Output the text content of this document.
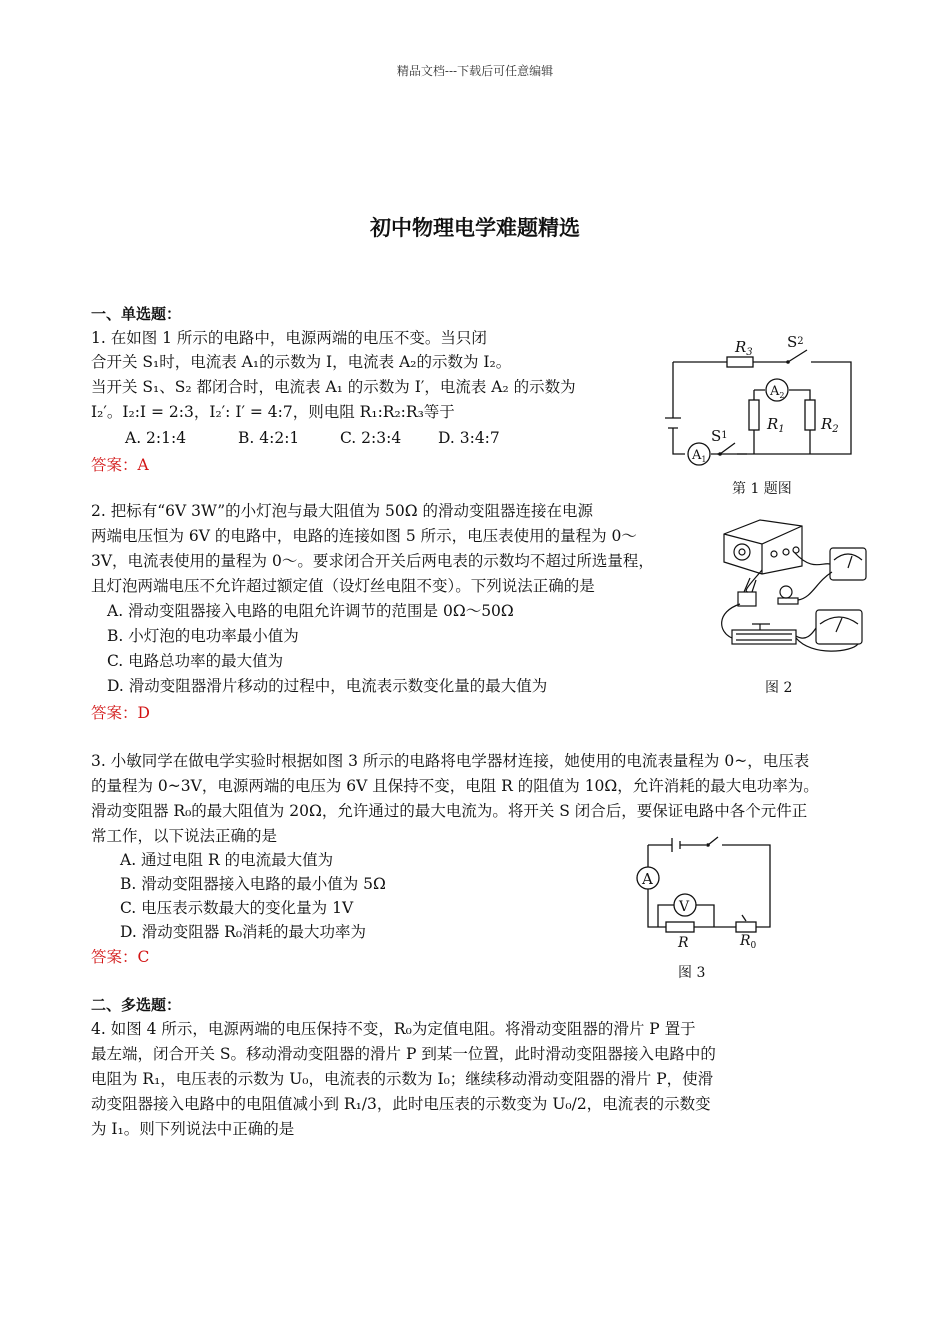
精品文档---下载后可任意编辑
初中物理电学难题精选
一、单选题：
1. 在如图 1 所示的电路中，电源两端的电压不变。当只闭
合开关 S₁时，电流表 A₁的示数为 I，电流表 A₂的示数为 I₂。
当开关 S₁、S₂ 都闭合时，电流表 A₁ 的示数为 I′，电流表 A₂ 的示数为
I₂′。I₂:I = 2:3，I₂′: I′ = 4:7，则电阻 R₁:R₂:R₃等于
A. 2:1:4	B. 4:2:1	C. 2:3:4 D. 3:4:7
答案：A
$R_3$
$S^2$
$A_2$
$R_1$ $R_2$
$S^1$
$A_1$
第 1 题图
2. 把标有“6V 3W”的小灯泡与最大阻值为 50Ω 的滑动变阻器连接在电源
两端电压恒为 6V 的电路中，电路的连接如图 5 所示，电压表使用的量程为 0～
3V，电流表使用的量程为 0～。要求闭合开关后两电表的示数均不超过所选量程，
且灯泡两端电压不允许超过额定值（设灯丝电阻不变）。下列说法正确的是
A. 滑动变阻器接入电路的电阻允许调节的范围是 0Ω～50Ω
B. 小灯泡的电功率最小值为
C. 电路总功率的最大值为
D. 滑动变阻器滑片移动的过程中，电流表示数变化量的最大值为
答案：D
图 2
3. 小敏同学在做电学实验时根据如图 3 所示的电路将电学器材连接，她使用的电流表量程为 0~，电压表
的量程为 0~3V，电源两端的电压为 6V 且保持不变，电阻 R 的阻值为 10Ω，允许消耗的最大电功率为。
滑动变阻器 R₀的最大阻值为 20Ω，允许通过的最大电流为。将开关 S 闭合后，要保证电路中各个元件正
常工作，以下说法正确的是
A. 通过电阻 R 的电流最大值为
B. 滑动变阻器接入电路的最小值为 5Ω
C. 电压表示数最大的变化量为 1V
D. 滑动变阻器 R₀消耗的最大功率为
答案：C
A
V
R	$R_0$
图 3
二、多选题：
4. 如图 4 所示，电源两端的电压保持不变，R₀为定值电阻。将滑动变阻器的滑片 P 置于
最左端，闭合开关 S。移动滑动变阻器的滑片 P 到某一位置，此时滑动变阻器接入电路中的
电阻为 R₁，电压表的示数为 U₀，电流表的示数为 I₀；继续移动滑动变阻器的滑片 P，使滑
动变阻器接入电路中的电阻值减小到 R₁/3，此时电压表的示数变为 U₀/2，电流表的示数变
为 I₁。则下列说法中正确的是
